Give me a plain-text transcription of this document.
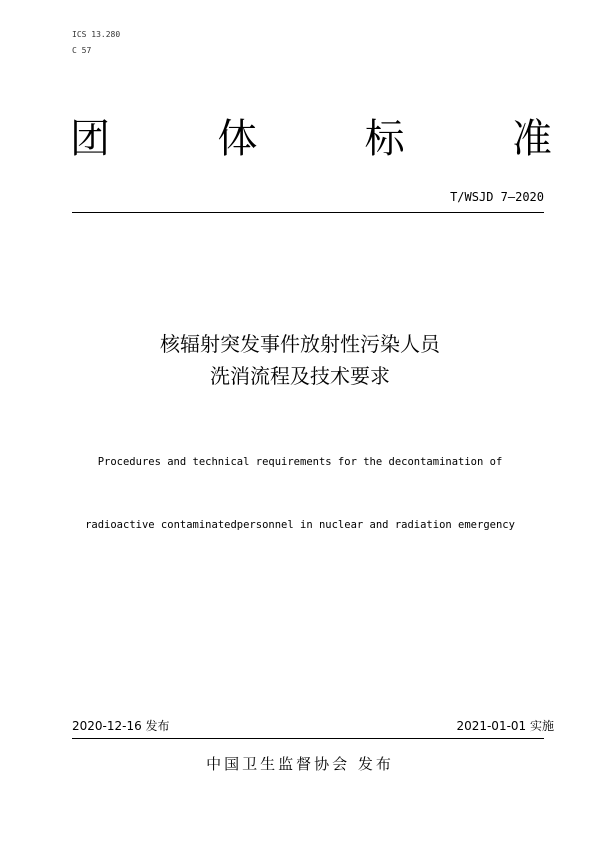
ICS 13.280
C 57
团	体	标	准
T/WSJD 7—2020
核辐射突发事件放射性污染人员
洗消流程及技术要求

Procedures and technical requirements for the decontamination of

radioactive contaminatedpersonnel in nuclear and radiation emergency

2020-12-16 发布	2021-01-01 实施
中国卫生监督协会 发布
